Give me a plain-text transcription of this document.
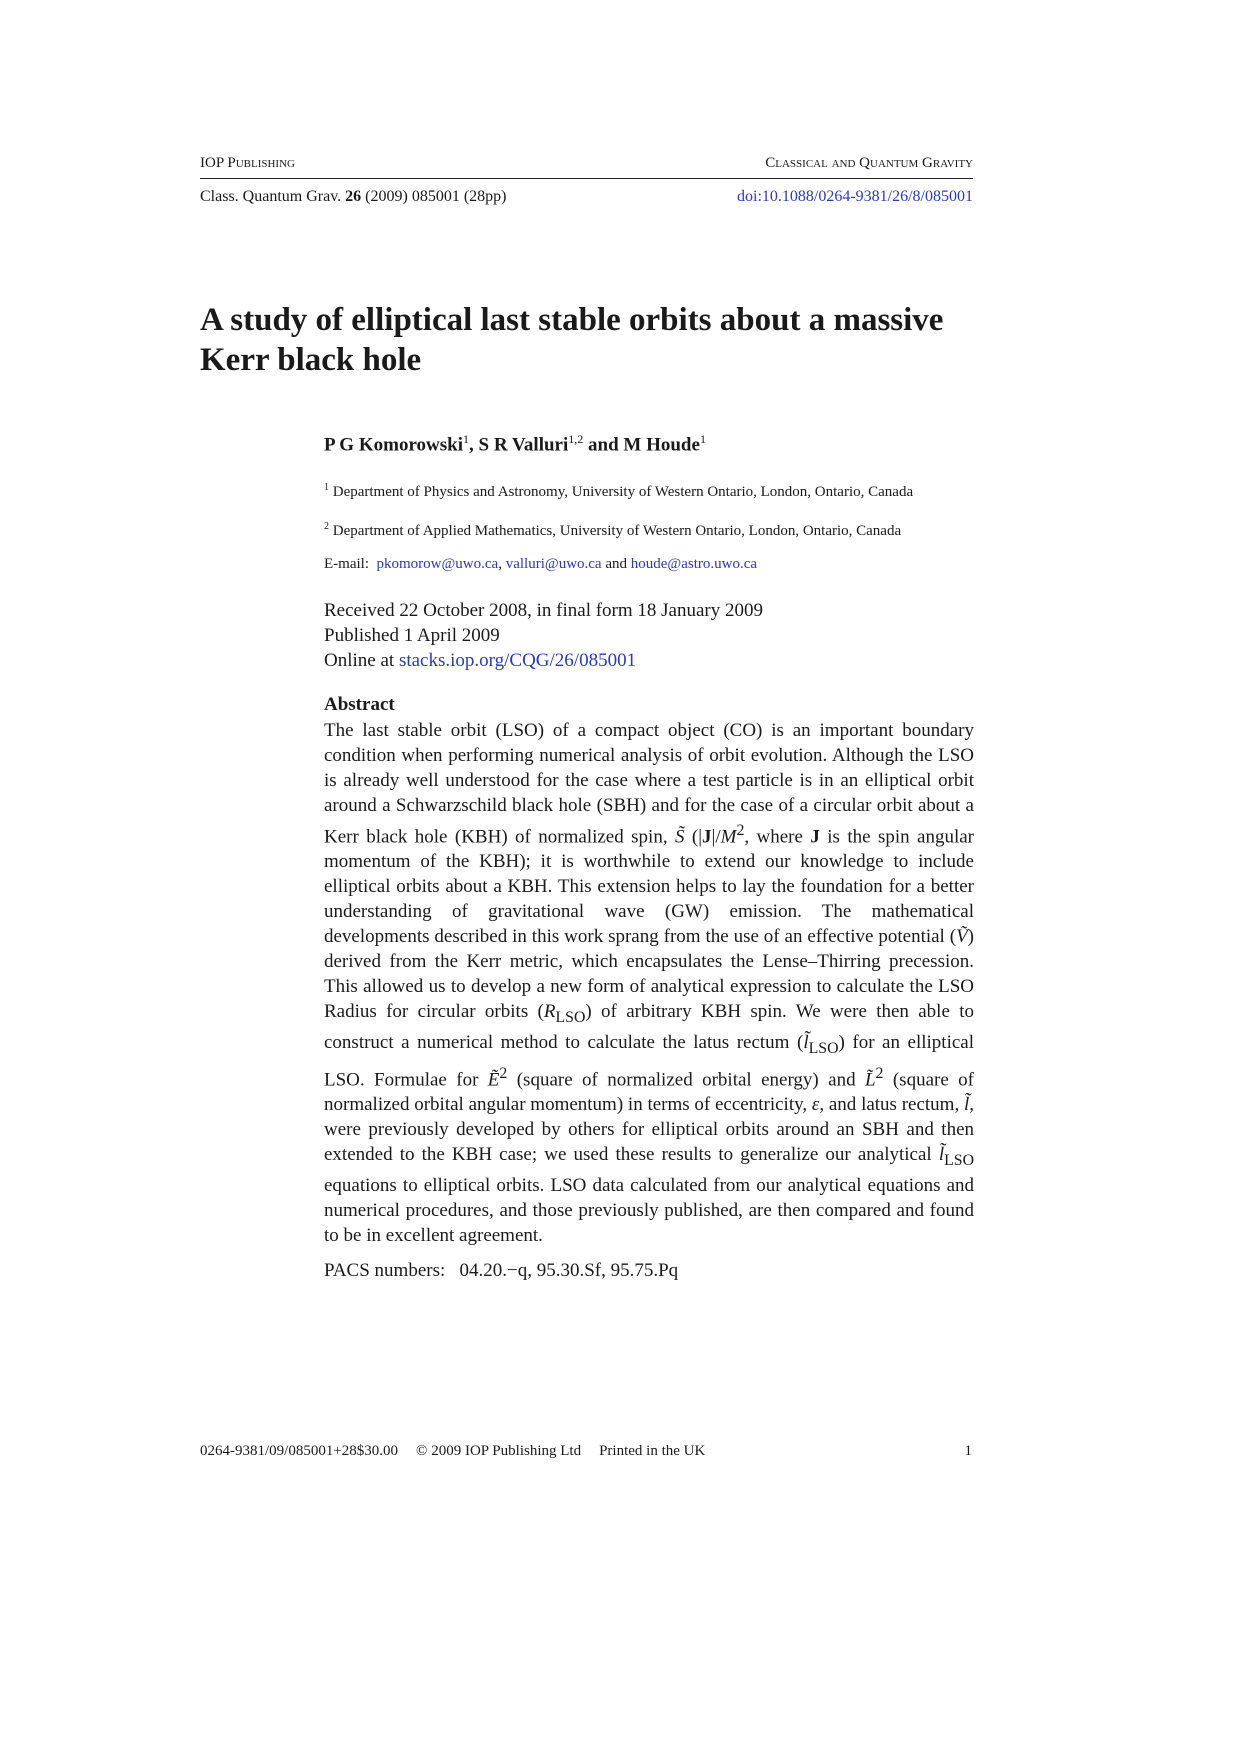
IOP Publishing	Classical and Quantum Gravity
Class. Quantum Grav. 26 (2009) 085001 (28pp)	doi:10.1088/0264-9381/26/8/085001
A study of elliptical last stable orbits about a massive Kerr black hole
P G Komorowski$^1$, S R Valluri$^{1,2}$ and M Houde$^1$
$^1$ Department of Physics and Astronomy, University of Western Ontario, London, Ontario, Canada
$^2$ Department of Applied Mathematics, University of Western Ontario, London, Ontario, Canada
E-mail: pkomorow@uwo.ca, valluri@uwo.ca and houde@astro.uwo.ca
Received 22 October 2008, in final form 18 January 2009
Published 1 April 2009
Online at stacks.iop.org/CQG/26/085001
Abstract
The last stable orbit (LSO) of a compact object (CO) is an important boundary condition when performing numerical analysis of orbit evolution. Although the LSO is already well understood for the case where a test particle is in an elliptical orbit around a Schwarzschild black hole (SBH) and for the case of a circular orbit about a Kerr black hole (KBH) of normalized spin, S̃ ($|J|/M^2$, where J is the spin angular momentum of the KBH); it is worthwhile to extend our knowledge to include elliptical orbits about a KBH. This extension helps to lay the foundation for a better understanding of gravitational wave (GW) emission. The mathematical developments described in this work sprang from the use of an effective potential (Ṽ) derived from the Kerr metric, which encapsulates the Lense–Thirring precession. This allowed us to develop a new form of analytical expression to calculate the LSO Radius for circular orbits $(R_{LSO})$ of arbitrary KBH spin. We were then able to construct a numerical method to calculate the latus rectum $(l̃_{LSO})$ for an elliptical LSO. Formulae for Ẽ$^2$ (square of normalized orbital energy) and L̃$^2$ (square of normalized orbital angular momentum) in terms of eccentricity, ε, and latus rectum, l̃, were previously developed by others for elliptical orbits around an SBH and then extended to the KBH case; we used these results to generalize our analytical $l̃_{LSO}$ equations to elliptical orbits. LSO data calculated from our analytical equations and numerical procedures, and those previously published, are then compared and found to be in excellent agreement.
PACS numbers: 04.20.−q, 95.30.Sf, 95.75.Pq
0264-9381/09/085001+28$30.00 © 2009 IOP Publishing Ltd Printed in the UK	1
